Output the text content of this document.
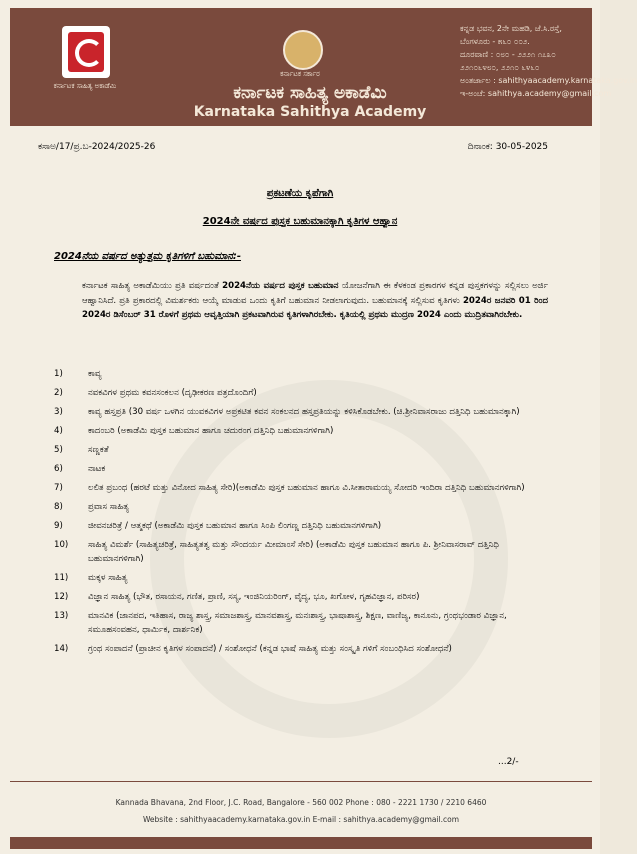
ಕರ್ನಾಟಕ ಸಾಹಿತ್ಯ ಅಕಾಡೆಮಿ
ಕರ್ನಾಟಕ ಸರ್ಕಾರ
ಕರ್ನಾಟಕ ಸಾಹಿತ್ಯ ಅಕಾಡೆಮಿ
Karnataka Sahithya Academy
ಕನ್ನಡ ಭವನ, 2ನೇ ಮಹಡಿ, ಜೆ.ಸಿ.ರಸ್ತೆ,
ಬೆಂಗಳೂರು - ೫೬೦ ೦೦೨.
ದೂರವಾಣಿ : ೦೮೦ - ೨೨೨೧ ೧೭೩೦
೨೨೧೦೬೪೮೦, ೨೨೧೦ ೬೪೬೦
ಅಂತರ್ಜಾಲ : sahithyaacademy.karnataka.gov.in
ಇ-ಅಂಚೆ: sahithya.academy@gmail.com
ಕಸಾಅ/17/ಪ್ರ.ಬ-2024/2025-26	ದಿನಾಂಕ: 30-05-2025
ಪ್ರಕಟಣೆಯ ಕೃಪೆಗಾಗಿ
2024ನೇ ವರ್ಷದ ಪುಸ್ತಕ ಬಹುಮಾನಕ್ಕಾಗಿ ಕೃತಿಗಳ ಆಹ್ವಾನ
2024ನೆಯ ವರ್ಷದ ಅತ್ಯುತ್ತಮ ಕೃತಿಗಳಿಗೆ ಬಹುಮಾನ:-
ಕರ್ನಾಟಕ ಸಾಹಿತ್ಯ ಅಕಾಡೆಮಿಯು ಪ್ರತಿ ವರ್ಷದಂತೆ 2024ನೆಯ ವರ್ಷದ ಪುಸ್ತಕ ಬಹುಮಾನ ಯೋಜನೆಗಾಗಿ ಈ ಕೆಳಕಂಡ ಪ್ರಕಾರಗಳ ಕನ್ನಡ ಪುಸ್ತಕಗಳನ್ನು ಸಲ್ಲಿಸಲು ಅರ್ಜಿ ಆಹ್ವಾನಿಸಿದೆ. ಪ್ರತಿ ಪ್ರಕಾರದಲ್ಲಿ ವಿಮರ್ಶಕರು ಆಯ್ಕೆ ಮಾಡುವ ಒಂದು ಕೃತಿಗೆ ಬಹುಮಾನ ನೀಡಲಾಗುವುದು. ಬಹುಮಾನಕ್ಕೆ ಸಲ್ಲಿಸುವ ಕೃತಿಗಳು 2024ರ ಜನವರಿ 01 ರಿಂದ 2024ರ ಡಿಸೆಂಬರ್ 31 ರೊಳಗೆ ಪ್ರಥಮ ಆವೃತ್ತಿಯಾಗಿ ಪ್ರಕಟವಾಗಿರುವ ಕೃತಿಗಳಾಗಿರಬೇಕು. ಕೃತಿಯಲ್ಲಿ ಪ್ರಥಮ ಮುದ್ರಣ 2024 ಎಂದು ಮುದ್ರಿತವಾಗಿರಬೇಕು.
1)	ಕಾವ್ಯ
2)	ನವಕವಿಗಳ ಪ್ರಥಮ ಕವನಸಂಕಲನ (ದೃಢೀಕರಣ ಪತ್ರದೊಂದಿಗೆ)
3)	ಕಾವ್ಯ ಹಸ್ತಪ್ರತಿ (30 ವರ್ಷ ಒಳಗಿನ ಯುವಕವಿಗಳ ಅಪ್ರಕಟಿತ ಕವನ ಸಂಕಲನದ ಹಸ್ತಪ್ರತಿಯನ್ನು ಕಳಿಸಿಕೊಡಬೇಕು. (ಚಿ.ಶ್ರೀನಿವಾಸರಾಜು ದತ್ತಿನಿಧಿ ಬಹುಮಾನಕ್ಕಾಗಿ)
4)	ಕಾದಂಬರಿ (ಅಕಾಡೆಮಿ ಪುಸ್ತಕ ಬಹುಮಾನ ಹಾಗೂ ಚದುರಂಗ ದತ್ತಿನಿಧಿ ಬಹುಮಾನಗಳಿಗಾಗಿ)
5)	ಸಣ್ಣಕತೆ
6)	ನಾಟಕ
7)	ಲಲಿತ ಪ್ರಬಂಧ (ಹರಟೆ ಮತ್ತು ವಿನೋದ ಸಾಹಿತ್ಯ ಸೇರಿ)(ಅಕಾಡೆಮಿ ಪುಸ್ತಕ ಬಹುಮಾನ ಹಾಗೂ ವಿ.ಸೀತಾರಾಮಯ್ಯ ಸೋದರಿ ಇಂದಿರಾ ದತ್ತಿನಿಧಿ ಬಹುಮಾನಗಳಿಗಾಗಿ)
8)	ಪ್ರವಾಸ ಸಾಹಿತ್ಯ
9)	ಜೀವನಚರಿತ್ರೆ / ಆತ್ಮಕಥೆ (ಅಕಾಡೆಮಿ ಪುಸ್ತಕ ಬಹುಮಾನ ಹಾಗೂ ಸಿಂಪಿ ಲಿಂಗಣ್ಣ ದತ್ತಿನಿಧಿ ಬಹುಮಾನಗಳಿಗಾಗಿ)
10)	ಸಾಹಿತ್ಯ ವಿಮರ್ಶೆ (ಸಾಹಿತ್ಯಚರಿತ್ರೆ, ಸಾಹಿತ್ಯತತ್ವ ಮತ್ತು ಸೌಂದರ್ಯ ಮೀಮಾಂಸೆ ಸೇರಿ) (ಅಕಾಡೆಮಿ ಪುಸ್ತಕ ಬಹುಮಾನ ಹಾಗೂ ಪಿ. ಶ್ರೀನಿವಾಸರಾವ್ ದತ್ತಿನಿಧಿ ಬಹುಮಾನಗಳಿಗಾಗಿ)
11)	ಮಕ್ಕಳ ಸಾಹಿತ್ಯ
12)	ವಿಜ್ಞಾನ ಸಾಹಿತ್ಯ (ಭೌತ, ರಸಾಯನ, ಗಣಿತ, ಪ್ರಾಣಿ, ಸಸ್ಯ, ಇಂಜಿನಿಯರಿಂಗ್, ವೈದ್ಯ, ಭೂ, ಖಗೋಳ, ಗೃಹವಿಜ್ಞಾನ, ಪರಿಸರ)
13)	ಮಾನವಿಕ (ಜಾನಪದ, ಇತಿಹಾಸ, ರಾಜ್ಯ ಶಾಸ್ತ್ರ, ಸಮಾಜಶಾಸ್ತ್ರ, ಮಾನವಶಾಸ್ತ್ರ, ಮನಃಶಾಸ್ತ್ರ, ಭಾಷಾಶಾಸ್ತ್ರ, ಶಿಕ್ಷಣ, ವಾಣಿಜ್ಯ, ಕಾನೂನು, ಗ್ರಂಥಭಂಡಾರ ವಿಜ್ಞಾನ, ಸಮೂಹಸಂವಹನ, ಧಾರ್ಮಿಕ, ದಾರ್ಶನಿಕ)
14)	ಗ್ರಂಥ ಸಂಪಾದನೆ (ಪ್ರಾಚೀನ ಕೃತಿಗಳ ಸಂಪಾದನೆ) / ಸಂಶೋಧನೆ (ಕನ್ನಡ ಭಾಷೆ ಸಾಹಿತ್ಯ ಮತ್ತು ಸಂಸ್ಕೃತಿ ಗಳಿಗೆ ಸಂಬಂಧಿಸಿದ ಸಂಶೋಧನೆ)
...2/-
Kannada Bhavana, 2nd Floor, J.C. Road, Bangalore - 560 002 Phone : 080 - 2221 1730 / 2210 6460
Website : sahithyaacademy.karnataka.gov.in E-mail : sahithya.academy@gmail.com
